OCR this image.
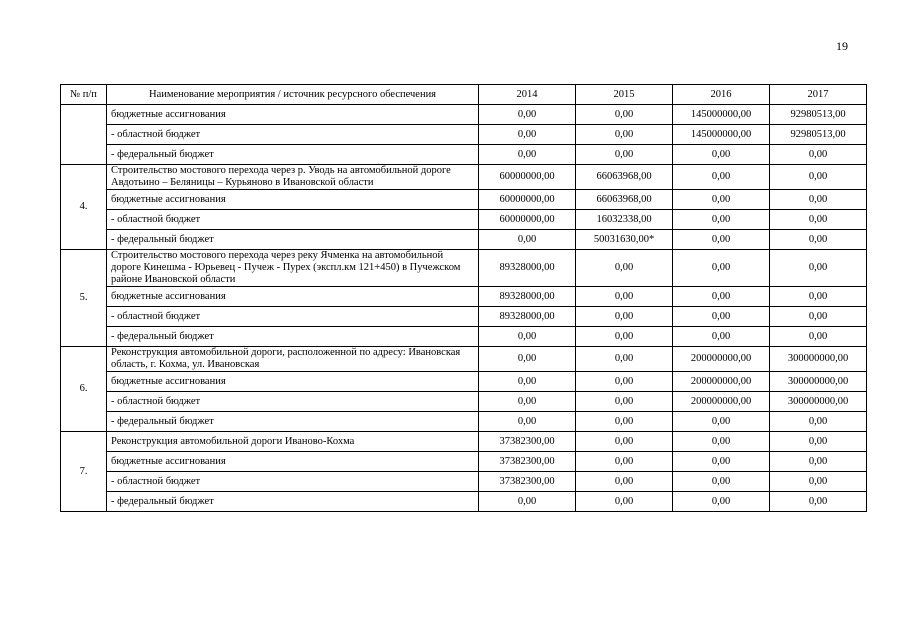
19
№ п/п	Наименование мероприятия / источник ресурсного обеспечения	2014	2015	2016	2017
	бюджетные ассигнования	0,00	0,00	145000000,00	92980513,00
	- областной бюджет	0,00	0,00	145000000,00	92980513,00
	- федеральный бюджет	0,00	0,00	0,00	0,00
4.	Строительство мостового перехода через р. Уводь на автомобильной дороге Авдотьино – Беляницы – Курьяново в Ивановской области	60000000,00	66063968,00	0,00	0,00
	бюджетные ассигнования	60000000,00	66063968,00	0,00	0,00
	- областной бюджет	60000000,00	16032338,00	0,00	0,00
	- федеральный бюджет	0,00	50031630,00*	0,00	0,00
5.	Строительство мостового перехода через реку Ячменка на автомобильной дороге Кинешма - Юрьевец - Пучеж - Пурех (экспл.км 121+450) в Пучежском районе Ивановской области	89328000,00	0,00	0,00	0,00
	бюджетные ассигнования	89328000,00	0,00	0,00	0,00
	- областной бюджет	89328000,00	0,00	0,00	0,00
	- федеральный бюджет	0,00	0,00	0,00	0,00
6.	Реконструкция автомобильной дороги, расположенной по адресу: Ивановская область, г. Кохма, ул. Ивановская	0,00	0,00	200000000,00	300000000,00
	бюджетные ассигнования	0,00	0,00	200000000,00	300000000,00
	- областной бюджет	0,00	0,00	200000000,00	300000000,00
	- федеральный бюджет	0,00	0,00	0,00	0,00
7.	Реконструкция автомобильной дороги Иваново-Кохма	37382300,00	0,00	0,00	0,00
	бюджетные ассигнования	37382300,00	0,00	0,00	0,00
	- областной бюджет	37382300,00	0,00	0,00	0,00
	- федеральный бюджет	0,00	0,00	0,00	0,00
